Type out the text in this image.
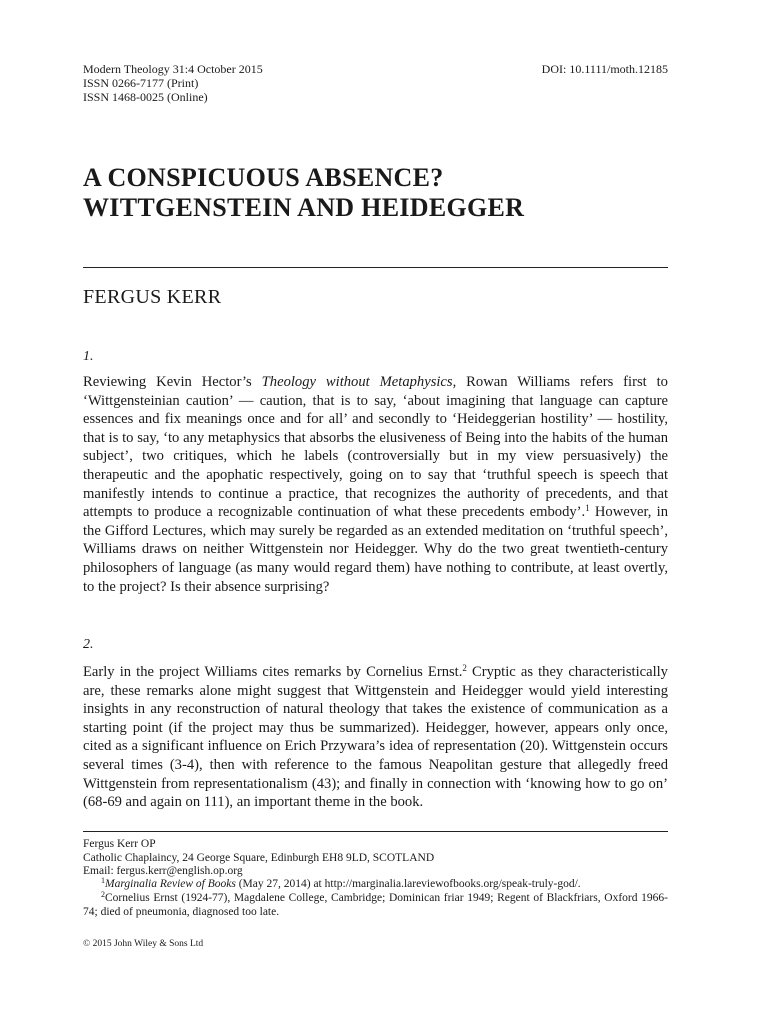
Modern Theology 31:4 October 2015
ISSN 0266-7177 (Print)
ISSN 1468-0025 (Online)
DOI: 10.1111/moth.12185
A CONSPICUOUS ABSENCE?
WITTGENSTEIN AND HEIDEGGER
FERGUS KERR
1.

Reviewing Kevin Hector’s Theology without Metaphysics, Rowan Williams refers first to ‘Wittgensteinian caution’ — caution, that is to say, ‘about imagining that language can capture essences and fix meanings once and for all’ and secondly to ‘Heideggerian hostility’ — hostility, that is to say, ‘to any metaphysics that absorbs the elusiveness of Being into the habits of the human subject’, two critiques, which he labels (controversially but in my view persuasively) the therapeutic and the apophatic respectively, going on to say that ‘truthful speech is speech that manifestly intends to continue a practice, that recognizes the authority of precedents, and that attempts to produce a recognizable continuation of what these precedents embody’.$^1$ However, in the Gifford Lectures, which may surely be regarded as an extended meditation on ‘truthful speech’, Williams draws on neither Wittgenstein nor Heidegger. Why do the two great twentieth-century philosophers of language (as many would regard them) have nothing to contribute, at least overtly, to the project? Is their absence surprising?

2.

Early in the project Williams cites remarks by Cornelius Ernst.$^2$ Cryptic as they characteristically are, these remarks alone might suggest that Wittgenstein and Heidegger would yield interesting insights in any reconstruction of natural theology that takes the existence of communication as a starting point (if the project may thus be summarized). Heidegger, however, appears only once, cited as a significant influence on Erich Przywara’s idea of representation (20). Wittgenstein occurs several times (3-4), then with reference to the famous Neapolitan gesture that allegedly freed Wittgenstein from representationalism (43); and finally in connection with ‘knowing how to go on’ (68-69 and again on 111), an important theme in the book.

Fergus Kerr OP
Catholic Chaplaincy, 24 George Square, Edinburgh EH8 9LD, SCOTLAND
Email: fergus.kerr@english.op.org

$^1$Marginalia Review of Books (May 27, 2014) at http://marginalia.lareviewofbooks.org/speak-truly-god/.

$^2$Cornelius Ernst (1924-77), Magdalene College, Cambridge; Dominican friar 1949; Regent of Blackfriars, Oxford 1966-74; died of pneumonia, diagnosed too late.

© 2015 John Wiley & Sons Ltd
